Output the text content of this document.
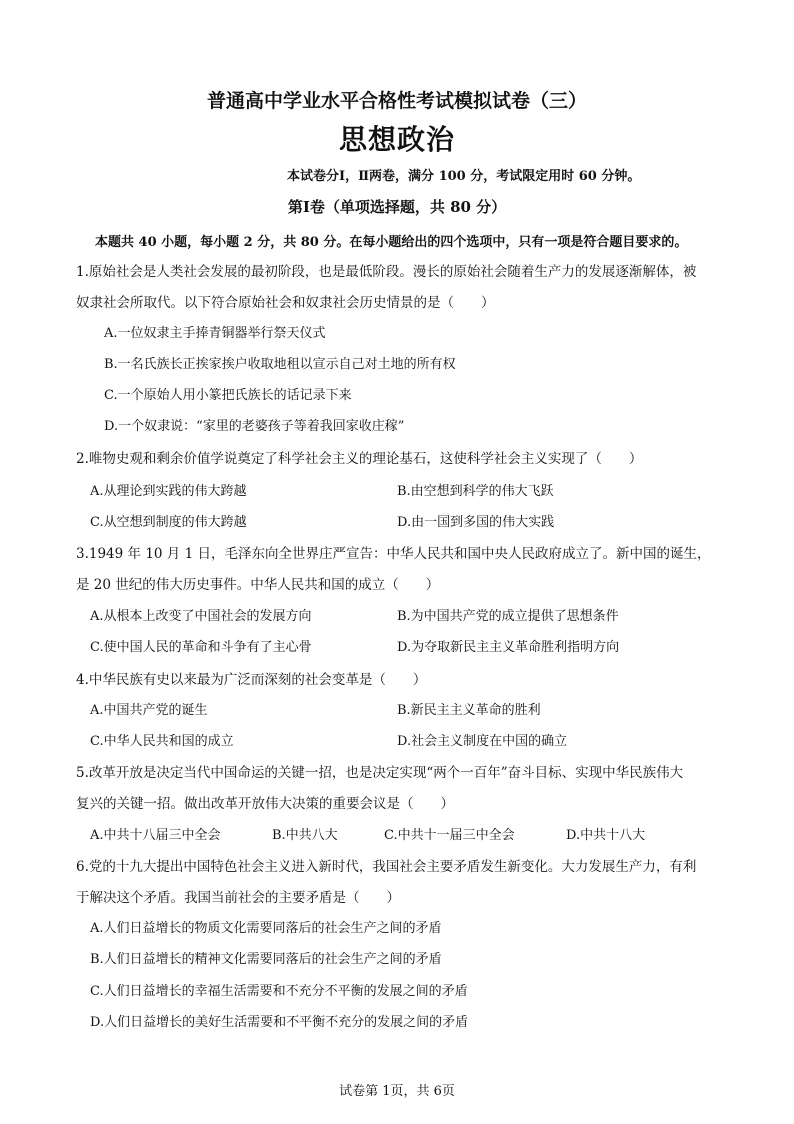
普通高中学业水平合格性考试模拟试卷（三）
思想政治
本试卷分Ⅰ，Ⅱ两卷，满分 100 分，考试限定用时 60 分钟。
第Ⅰ卷（单项选择题，共 80 分）
本题共 40 小题，每小题 2 分，共 80 分。在每小题给出的四个选项中，只有一项是符合题目要求的。
1.原始社会是人类社会发展的最初阶段，也是最低阶段。漫长的原始社会随着生产力的发展逐渐解体，被
奴隶社会所取代。以下符合原始社会和奴隶社会历史情景的是（　　）
A.一位奴隶主手捧青铜器举行祭天仪式
B.一名氏族长正挨家挨户收取地租以宣示自己对土地的所有权
C.一个原始人用小篆把氏族长的话记录下来
D.一个奴隶说：“家里的老婆孩子等着我回家收庄稼”
2.唯物史观和剩余价值学说奠定了科学社会主义的理论基石，这使科学社会主义实现了（　　）
A.从理论到实践的伟大跨越	B.由空想到科学的伟大飞跃
C.从空想到制度的伟大跨越	D.由一国到多国的伟大实践
3.1949 年 10 月 1 日，毛泽东向全世界庄严宣告：中华人民共和国中央人民政府成立了。新中国的诞生，
是 20 世纪的伟大历史事件。中华人民共和国的成立（　　）
A.从根本上改变了中国社会的发展方向	B.为中国共产党的成立提供了思想条件
C.使中国人民的革命和斗争有了主心骨	D.为夺取新民主主义革命胜利指明方向
4.中华民族有史以来最为广泛而深刻的社会变革是（　　）
A.中国共产党的诞生	B.新民主主义革命的胜利
C.中华人民共和国的成立	D.社会主义制度在中国的确立
5.改革开放是决定当代中国命运的关键一招，也是决定实现“两个一百年”奋斗目标、实现中华民族伟大
复兴的关键一招。做出改革开放伟大决策的重要会议是（　　）
A.中共十八届三中全会	B.中共八大	C.中共十一届三中全会	D.中共十八大
6.党的十九大提出中国特色社会主义进入新时代，我国社会主要矛盾发生新变化。大力发展生产力，有利
于解决这个矛盾。我国当前社会的主要矛盾是（　　）
A.人们日益增长的物质文化需要同落后的社会生产之间的矛盾
B.人们日益增长的精神文化需要同落后的社会生产之间的矛盾
C.人们日益增长的幸福生活需要和不充分不平衡的发展之间的矛盾
D.人们日益增长的美好生活需要和不平衡不充分的发展之间的矛盾
试卷第 1页，共 6页
